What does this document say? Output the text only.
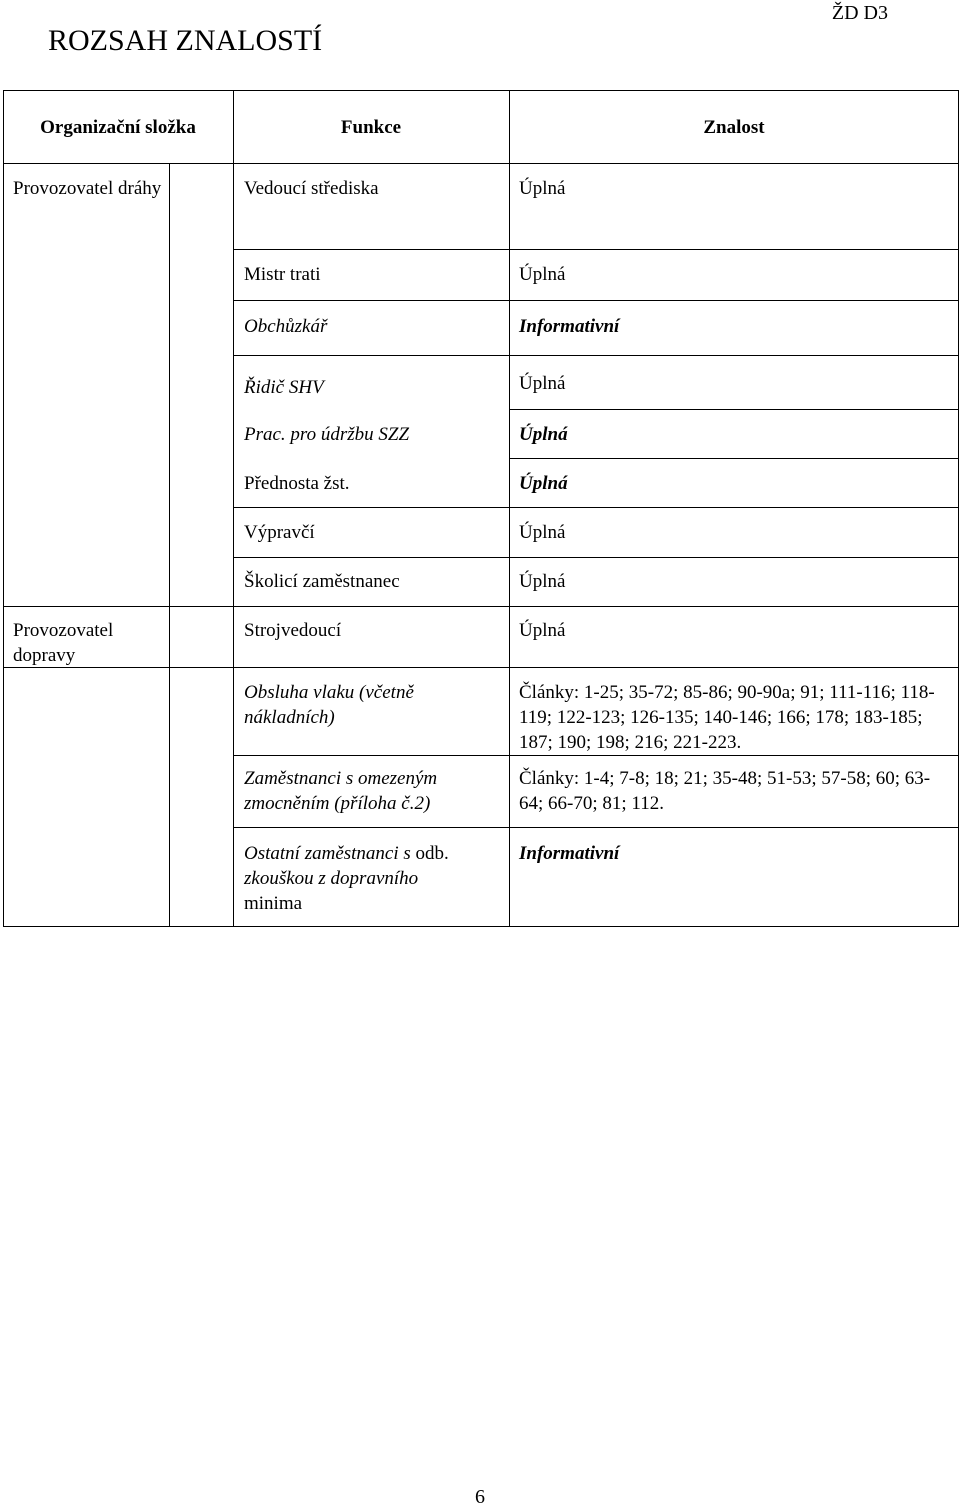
ŽD D3
ROZSAH ZNALOSTÍ
Organizační složka	Funkce	Znalost
Provozovatel dráhy
Provozovatel dopravy
Vedoucí střediska
Mistr trati
Obchůzkář
Řidič SHV
Prac. pro údržbu SZZ
Přednosta žst.
Výpravčí
Školicí zaměstnanec
Strojvedoucí
Obsluha vlaku (včetně nákladních)
Zaměstnanci s omezeným zmocněním (příloha č.2)
Ostatní zaměstnanci s odb.
zkouškou z dopravního
minima
Úplná
Úplná
Informativní
Úplná
Úplná
Úplná
Úplná
Úplná
Úplná
Články: 1-25; 35-72; 85-86; 90-90a; 91; 111-116; 118-119; 122-123; 126-135; 140-146; 166; 178; 183-185; 187; 190; 198; 216; 221-223.
Články: 1-4; 7-8; 18; 21; 35-48; 51-53; 57-58; 60; 63-64; 66-70; 81; 112.
Informativní
6
